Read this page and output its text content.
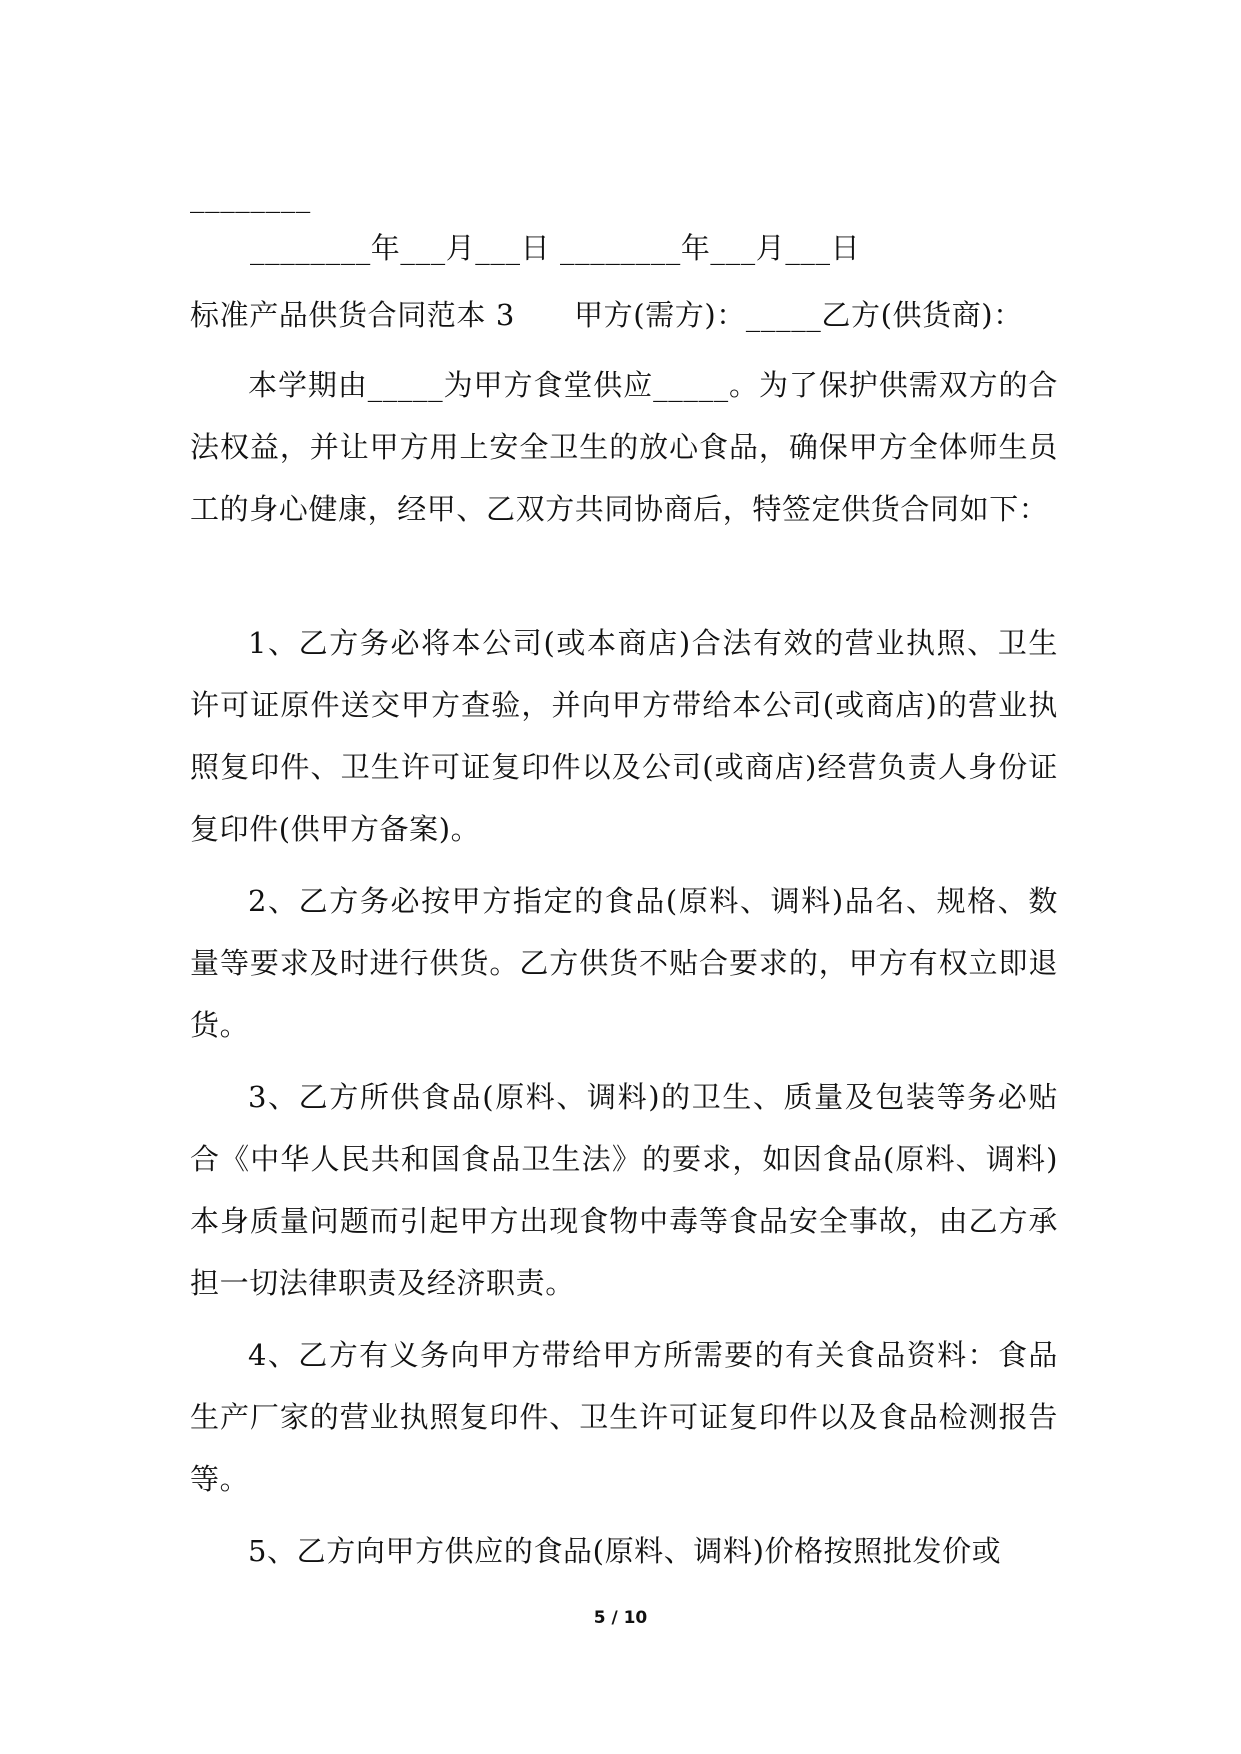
________
________年___月___日 ________年___月___日
标准产品供货合同范本 3　　甲方(需方)：_____乙方(供货商)：

本学期由_____为甲方食堂供应_____。为了保护供需双方的合法权益，并让甲方用上安全卫生的放心食品，确保甲方全体师生员工的身心健康，经甲、乙双方共同协商后，特签定供货合同如下：

1、乙方务必将本公司(或本商店)合法有效的营业执照、卫生许可证原件送交甲方查验，并向甲方带给本公司(或商店)的营业执照复印件、卫生许可证复印件以及公司(或商店)经营负责人身份证复印件(供甲方备案)。

2、乙方务必按甲方指定的食品(原料、调料)品名、规格、数量等要求及时进行供货。乙方供货不贴合要求的，甲方有权立即退货。

3、乙方所供食品(原料、调料)的卫生、质量及包装等务必贴合《中华人民共和国食品卫生法》的要求，如因食品(原料、调料)本身质量问题而引起甲方出现食物中毒等食品安全事故，由乙方承担一切法律职责及经济职责。

4、乙方有义务向甲方带给甲方所需要的有关食品资料：食品生产厂家的营业执照复印件、卫生许可证复印件以及食品检测报告等。

5、乙方向甲方供应的食品(原料、调料)价格按照批发价或

5 / 10
